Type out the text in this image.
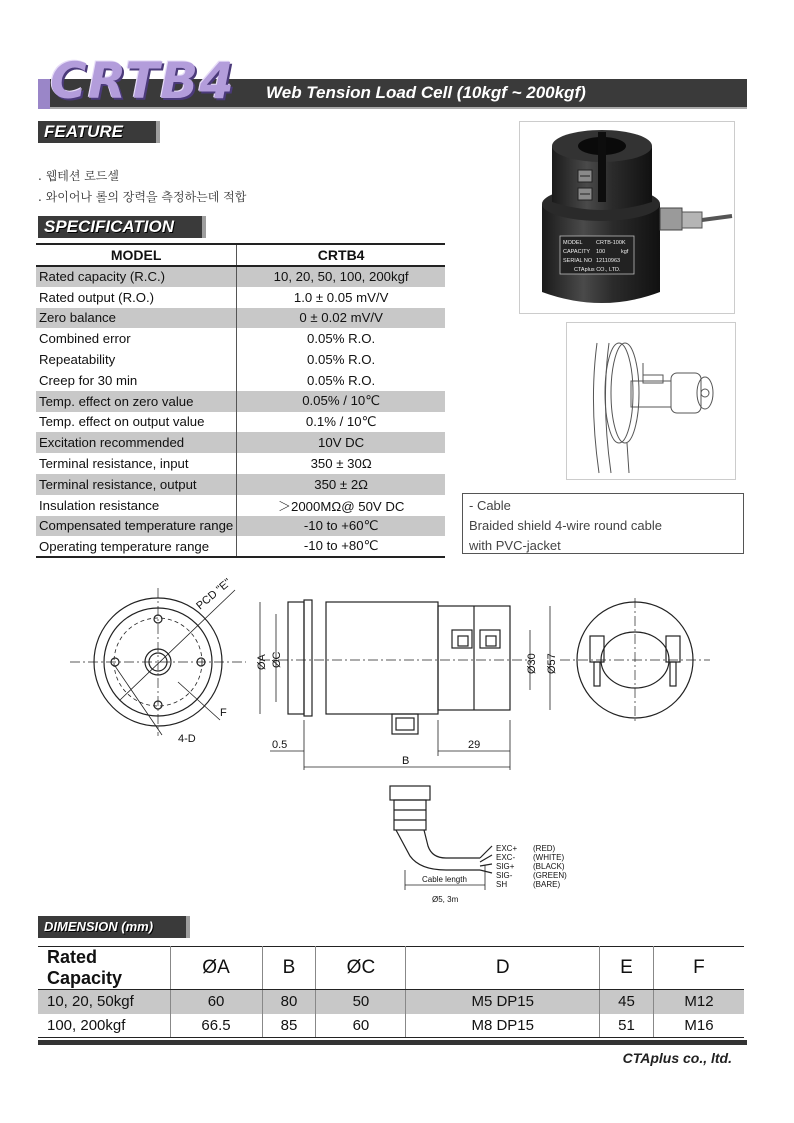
CRTB4 Web Tension Load Cell (10kgf ~ 200kgf)
FEATURE
. 웹테션 로드셀
. 와이어나 롤의 장력을 측정하는데 적합
SPECIFICATION
MODEL	CRTB4
Rated capacity (R.C.)	10, 20, 50, 100, 200kgf
Rated output (R.O.)	1.0 ± 0.05 mV/V
Zero balance	0 ± 0.02 mV/V
Combined error	0.05% R.O.
Repeatability	0.05% R.O.
Creep for 30 min	0.05% R.O.
Temp. effect on zero value	0.05% / 10℃
Temp. effect on output value	0.1% / 10℃
Excitation recommended	10V DC
Terminal resistance, input	350 ± 30Ω
Terminal resistance, output	350 ± 2Ω
Insulation resistance	＞2000MΩ@ 50V DC
Compensated temperature range	-10 to +60℃
Operating temperature range	-10 to +80℃
MODEL CRTB-100K
CAPACITY 100	kgf
SERIAL NO 12110963
CTAplus CO., LTD.
- Cable
Braided shield 4-wire round cable
with PVC-jacket
PCD "E"
F
4-D
ØA ØC	Ø30 Ø57
0.5	29
B
EXC+ (RED)
EXC- (WHITE)
SIG+ (BLACK)
SIG-	(GREEN)
SH	(BARE)
Cable length
Ø5, 3m
DIMENSION (mm)
Rated Capacity	ØA	B	ØC	D	E	F
10, 20, 50kgf	60	80	50	M5 DP15	45	M12
100, 200kgf	66.5	85	60	M8 DP15	51	M16
CTAplus co., ltd.
